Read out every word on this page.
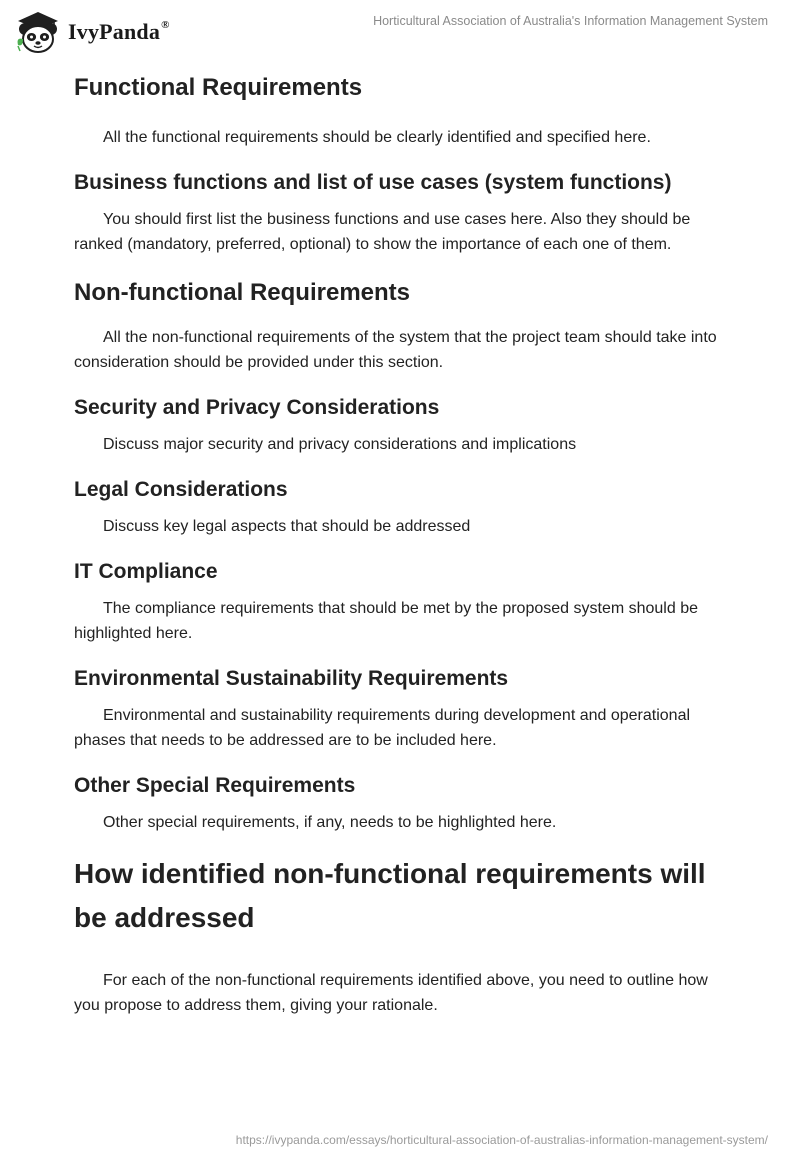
IvyPanda®	Horticultural Association of Australia's Information Management System
Functional Requirements

All the functional requirements should be clearly identified and specified here.

Business functions and list of use cases (system functions)

You should first list the business functions and use cases here. Also they should be ranked (mandatory, preferred, optional) to show the importance of each one of them.

Non-functional Requirements

All the non-functional requirements of the system that the project team should take into consideration should be provided under this section.

Security and Privacy Considerations

Discuss major security and privacy considerations and implications

Legal Considerations

Discuss key legal aspects that should be addressed

IT Compliance

The compliance requirements that should be met by the proposed system should be highlighted here.

Environmental Sustainability Requirements

Environmental and sustainability requirements during development and operational phases that needs to be addressed are to be included here.

Other Special Requirements

Other special requirements, if any, needs to be highlighted here.

How identified non-functional requirements will be addressed

For each of the non-functional requirements identified above, you need to outline how you propose to address them, giving your rationale.

https://ivypanda.com/essays/horticultural-association-of-australias-information-management-system/
